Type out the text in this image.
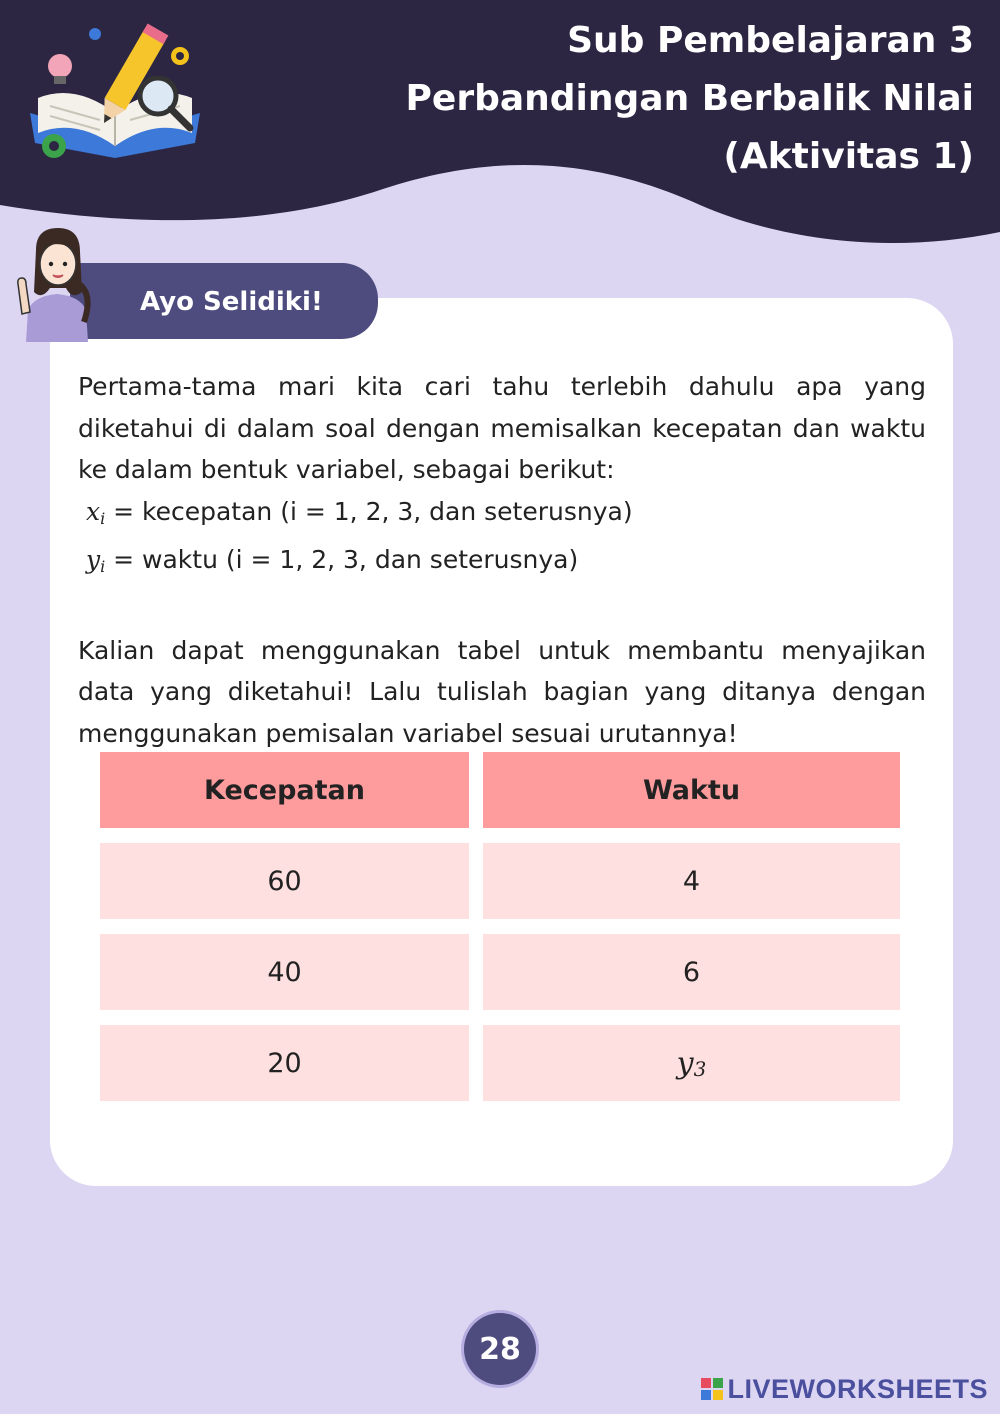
Sub Pembelajaran 3
Perbandingan Berbalik Nilai
(Aktivitas 1)
Ayo Selidiki!

Pertama-tama mari kita cari tahu terlebih dahulu apa yang diketahui di dalam soal dengan memisalkan kecepatan dan waktu ke dalam bentuk variabel, sebagai berikut:

$x_i$ = kecepatan (i = 1, 2, 3, dan seterusnya)
$y_i$ = waktu (i = 1, 2, 3, dan seterusnya)

Kalian dapat menggunakan tabel untuk membantu menyajikan data yang diketahui! Lalu tulislah bagian yang ditanya dengan menggunakan pemisalan variabel sesuai urutannya!

Kecepatan	Waktu
60	4
40	6
20	$y_3$
28
LIVEWORKSHEETS
